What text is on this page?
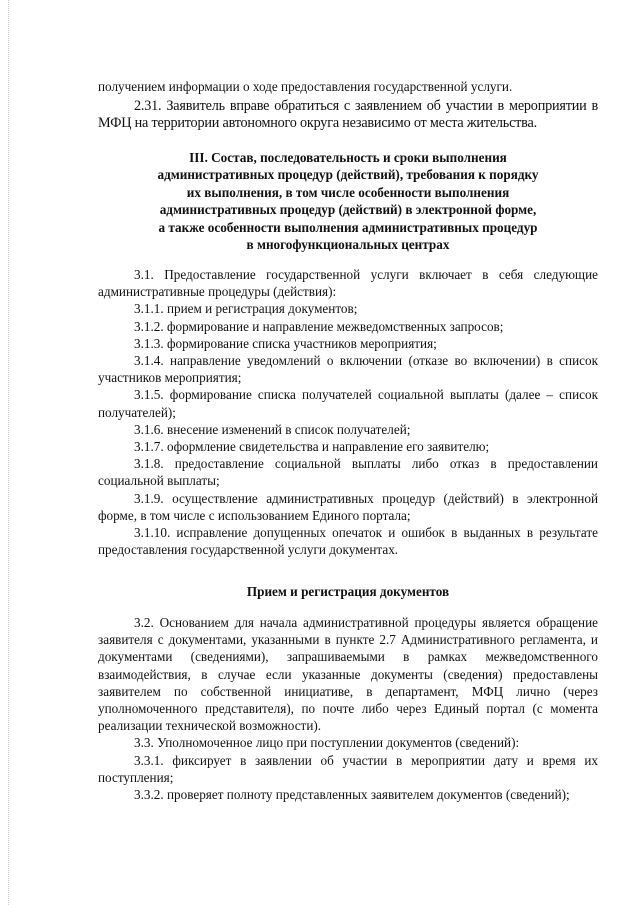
получением информации о ходе предоставления государственной услуги.

2.31. Заявитель вправе обратиться с заявлением об участии в мероприятии в МФЦ на территории автономного округа независимо от места жительства.

III. Состав, последовательность и сроки выполнения
административных процедур (действий), требования к порядку
их выполнения, в том числе особенности выполнения
административных процедур (действий) в электронной форме,
а также особенности выполнения административных процедур
в многофункциональных центрах

3.1. Предоставление государственной услуги включает в себя следующие административные процедуры (действия):

3.1.1. прием и регистрация документов;

3.1.2. формирование и направление межведомственных запросов;

3.1.3. формирование списка участников мероприятия;

3.1.4. направление уведомлений о включении (отказе во включении) в список участников мероприятия;

3.1.5. формирование списка получателей социальной выплаты (далее – список получателей);

3.1.6. внесение изменений в список получателей;

3.1.7. оформление свидетельства и направление его заявителю;

3.1.8. предоставление социальной выплаты либо отказ в предоставлении социальной выплаты;

3.1.9. осуществление административных процедур (действий) в электронной форме, в том числе с использованием Единого портала;

3.1.10. исправление допущенных опечаток и ошибок в выданных в результате предоставления государственной услуги документах.

Прием и регистрация документов

3.2. Основанием для начала административной процедуры является обращение заявителя с документами, указанными в пункте 2.7 Административного регламента, и документами (сведениями), запрашиваемыми в рамках межведомственного взаимодействия, в случае если указанные документы (сведения) предоставлены заявителем по собственной инициативе, в департамент, МФЦ лично (через уполномоченного представителя), по почте либо через Единый портал (с момента реализации технической возможности).

3.3. Уполномоченное лицо при поступлении документов (сведений):

3.3.1. фиксирует в заявлении об участии в мероприятии дату и время их поступления;

3.3.2. проверяет полноту представленных заявителем документов (сведений);
